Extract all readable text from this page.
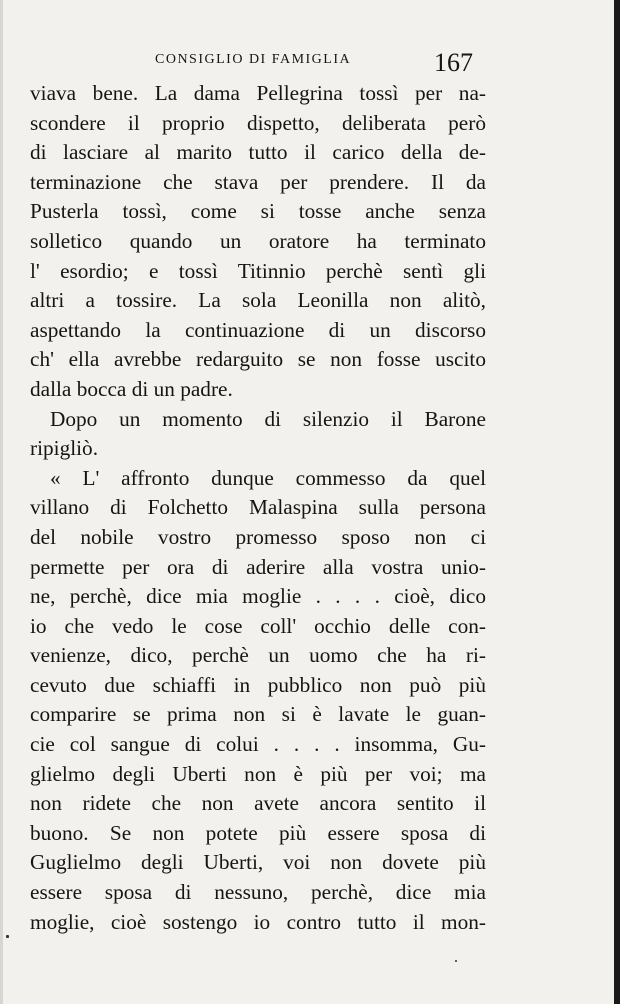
CONSIGLIO DI FAMIGLIA	167
viava bene. La dama Pellegrina tossì per na-
scondere il proprio dispetto, deliberata però
di lasciare al marito tutto il carico della de-
terminazione che stava per prendere. Il da
Pusterla tossì, come si tosse anche senza
solletico quando un oratore ha terminato
l' esordio; e tossì Titinnio perchè sentì gli
altri a tossire. La sola Leonilla non alitò,
aspettando la continuazione di un discorso
ch' ella avrebbe redarguito se non fosse uscito
dalla bocca di un padre.
Dopo un momento di silenzio il Barone
ripigliò.
« L' affronto dunque commesso da quel
villano di Folchetto Malaspina sulla persona
del nobile vostro promesso sposo non ci
permette per ora di aderire alla vostra unio-
ne, perchè, dice mia moglie . . . . cioè, dico
io che vedo le cose coll' occhio delle con-
venienze, dico, perchè un uomo che ha ri-
cevuto due schiaffi in pubblico non può più
comparire se prima non si è lavate le guan-
cie col sangue di colui . . . . insomma, Gu-
glielmo degli Uberti non è più per voi; ma
non ridete che non avete ancora sentito il
buono. Se non potete più essere sposa di
Guglielmo degli Uberti, voi non dovete più
essere sposa di nessuno, perchè, dice mia
moglie, cioè sostengo io contro tutto il mon-
